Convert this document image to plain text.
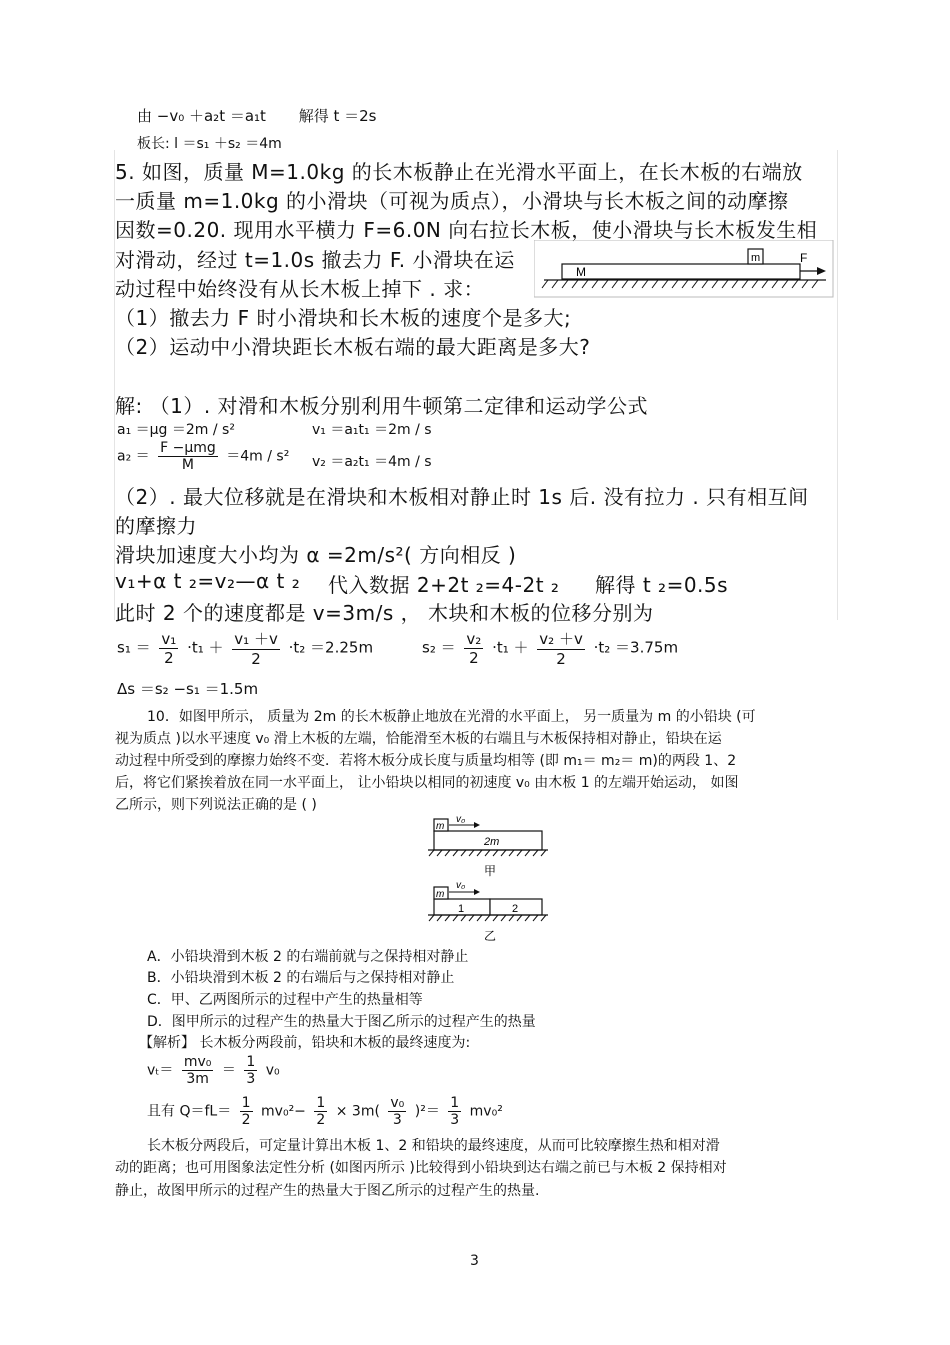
由 −v₀ ＋a₂t ＝a₁t 解得 t ＝2s
板长: l ＝s₁ ＋s₂ ＝4m
5. 如图，质量 M=1.0kg 的长木板静止在光滑水平面上，在长木板的右端放
一质量 m=1.0kg 的小滑块（可视为质点），小滑块与长木板之间的动摩擦
因数=0.20. 现用水平横力 F=6.0N 向右拉长木板，使小滑块与长木板发生相
对滑动，经过 t=1.0s 撤去力 F. 小滑块在运
动过程中始终没有从长木板上掉下 . 求：
m
M
F
（1）撤去力 F 时小滑块和长木板的速度个是多大;
（2）运动中小滑块距长木板右端的最大距离是多大?
解: （1）. 对滑和木板分别利用牛顿第二定律和运动学公式
a₁ ＝μg ＝2m / s²	v₁ ＝a₁t₁ ＝2m / s
a₂ ＝
F −μmg
M
＝4m / s² v₂ ＝a₂t₁ ＝4m / s
（2）. 最大位移就是在滑块和木板相对静止时 1s 后. 没有拉力 . 只有相互间
的摩擦力
滑块加速度大小均为 α =2m/s²( 方向相反 )
v₁+α t ₂=v₂—α t ₂ 代入数据 2+2t ₂=4-2t ₂ 解得 t ₂=0.5s
此时 2 个的速度都是 v=3m/s ， 木块和木板的位移分别为
$s_1 = \frac{\text{v₁}}{2} \cdot t_1 + \frac{\text{v₁ ＋v}}{2} \cdot t_2 =2.25m$	$s_2 = \frac{\text{v₂}}{2} \cdot t_1 + \frac{\text{v₂ ＋v}}{2} \cdot t_2 =3.75m$
Δs ＝s₂ −s₁ ＝1.5m
10．如图甲所示， 质量为 2m 的长木板静止地放在光滑的水平面上， 另一质量为 m 的小铅块 (可
视为质点 )以水平速度 v₀ 滑上木板的左端，恰能滑至木板的右端且与木板保持相对静止，铅块在运
动过程中所受到的摩擦力始终不变．若将木板分成长度与质量均相等 (即 m₁＝ m₂＝ m)的两段 1、2
后，将它们紧挨着放在同一水平面上， 让小铅块以相同的初速度 v₀ 由木板 1 的左端开始运动， 如图
乙所示，则下列说法正确的是 ( )
m
v₀
2m
甲
m
v₀
1	2
乙
A．小铅块滑到木板 2 的右端前就与之保持相对静止
B．小铅块滑到木板 2 的右端后与之保持相对静止
C．甲、乙两图所示的过程中产生的热量相等
D．图甲所示的过程产生的热量大于图乙所示的过程产生的热量
【解析】 长木板分两段前，铅块和木板的最终速度为:
$v_t= \frac{\text{mv₀}}{3m} = \frac{1}{3} v_0$
且有 $Q=fL= \frac{1}{2} mv_0^2- \frac{1}{2} \times 3m( \frac{\text{v₀}}{3} )^2= \frac{1}{3} mv_0^2$
长木板分两段后，可定量计算出木板 1、2 和铅块的最终速度，从而可比较摩擦生热和相对滑
动的距离；也可用图象法定性分析 (如图丙所示 )比较得到小铅块到达右端之前已与木板 2 保持相对
静止，故图甲所示的过程产生的热量大于图乙所示的过程产生的热量.
3
